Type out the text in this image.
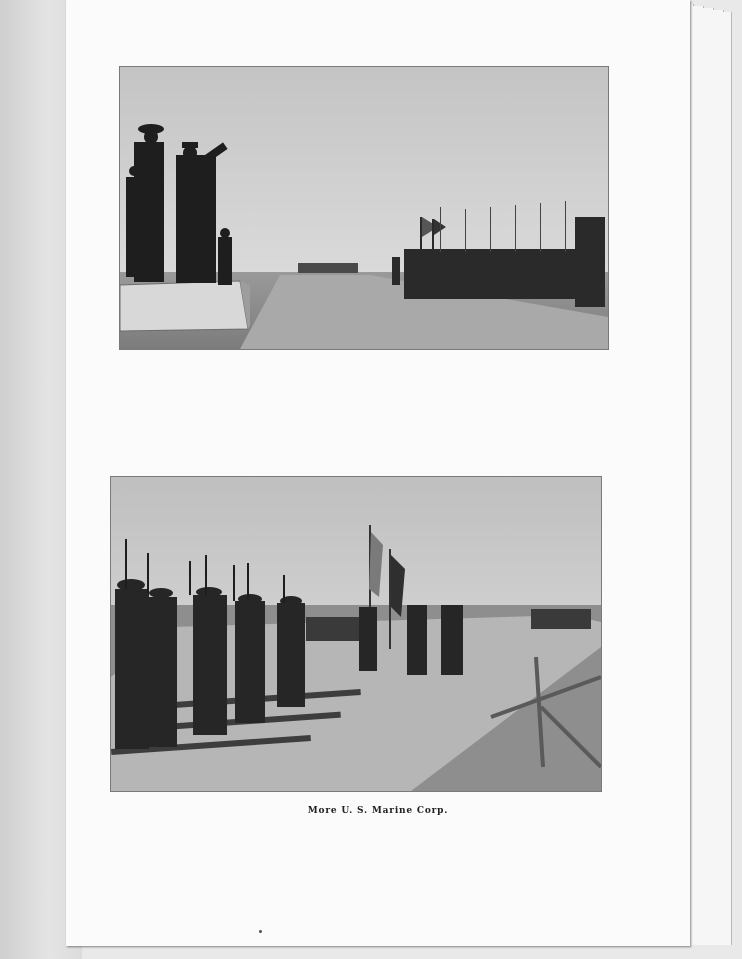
More U. S. Marine Corp.
